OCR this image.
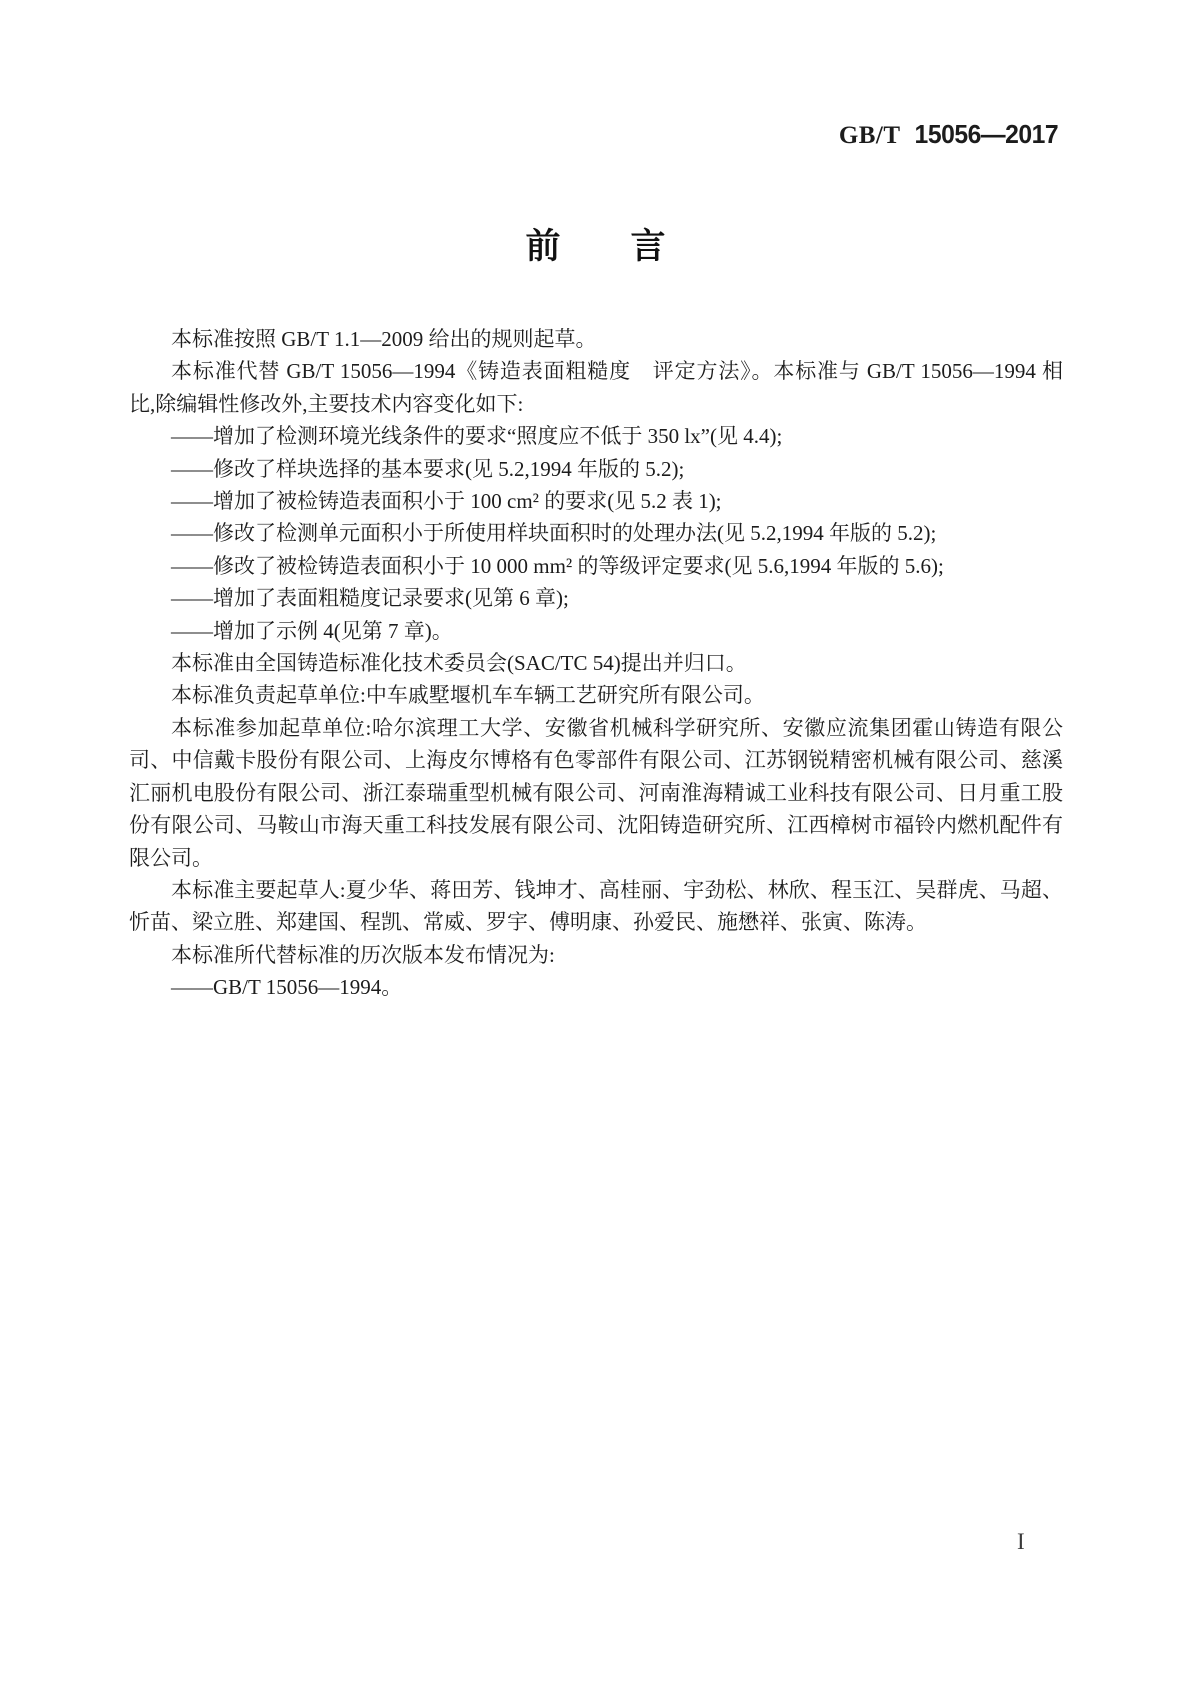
GB/T 15056—2017
前　　言

本标准按照 GB/T 1.1—2009 给出的规则起草。

本标准代替 GB/T 15056—1994《铸造表面粗糙度　评定方法》。本标准与 GB/T 15056—1994 相比,除编辑性修改外,主要技术内容变化如下:

——增加了检测环境光线条件的要求“照度应不低于 350 lx”(见 4.4);

——修改了样块选择的基本要求(见 5.2,1994 年版的 5.2);

——增加了被检铸造表面积小于 100 cm² 的要求(见 5.2 表 1);

——修改了检测单元面积小于所使用样块面积时的处理办法(见 5.2,1994 年版的 5.2);

——修改了被检铸造表面积小于 10 000 mm² 的等级评定要求(见 5.6,1994 年版的 5.6);

——增加了表面粗糙度记录要求(见第 6 章);

——增加了示例 4(见第 7 章)。

本标准由全国铸造标准化技术委员会(SAC/TC 54)提出并归口。

本标准负责起草单位:中车戚墅堰机车车辆工艺研究所有限公司。

本标准参加起草单位:哈尔滨理工大学、安徽省机械科学研究所、安徽应流集团霍山铸造有限公司、中信戴卡股份有限公司、上海皮尔博格有色零部件有限公司、江苏钢锐精密机械有限公司、慈溪汇丽机电股份有限公司、浙江泰瑞重型机械有限公司、河南淮海精诚工业科技有限公司、日月重工股份有限公司、马鞍山市海天重工科技发展有限公司、沈阳铸造研究所、江西樟树市福铃内燃机配件有限公司。

本标准主要起草人:夏少华、蒋田芳、钱坤才、高桂丽、宇劲松、林欣、程玉江、吴群虎、马超、忻苗、梁立胜、郑建国、程凯、常威、罗宇、傅明康、孙爱民、施懋祥、张寅、陈涛。

本标准所代替标准的历次版本发布情况为:

——GB/T 15056—1994。

I
